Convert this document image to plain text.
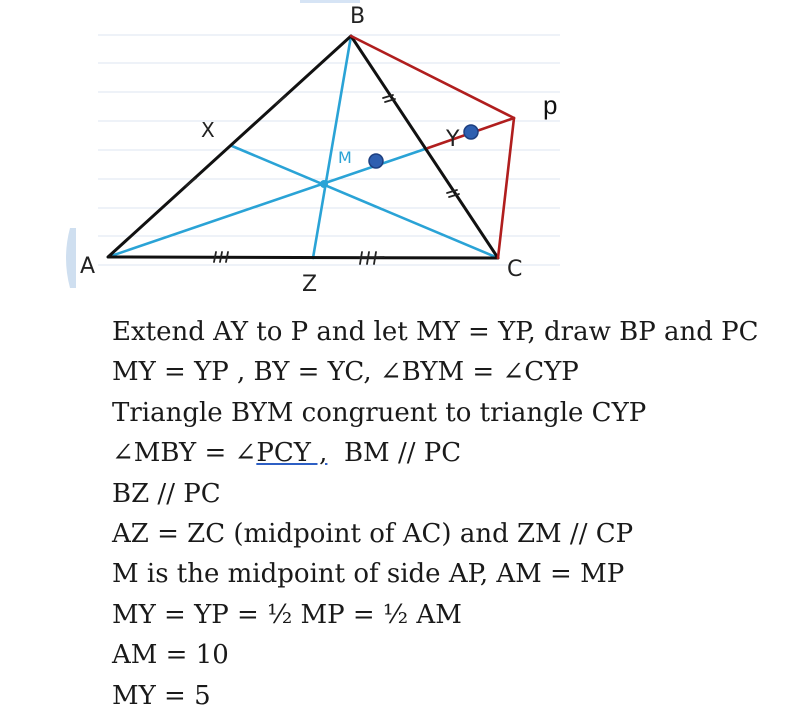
A
B
C
X
Z
M
Y
p
Extend AY to P and let MY = YP, draw BP and PC
MY = YP , BY = YC, ∠BYM = ∠CYP
Triangle BYM congruent to triangle CYP
∠MBY = ∠PCY ,  BM // PC
BZ // PC
AZ = ZC (midpoint of AC) and ZM // CP
M is the midpoint of side AP, AM = MP
MY = YP = ½ MP = ½ AM
AM = 10
MY = 5
